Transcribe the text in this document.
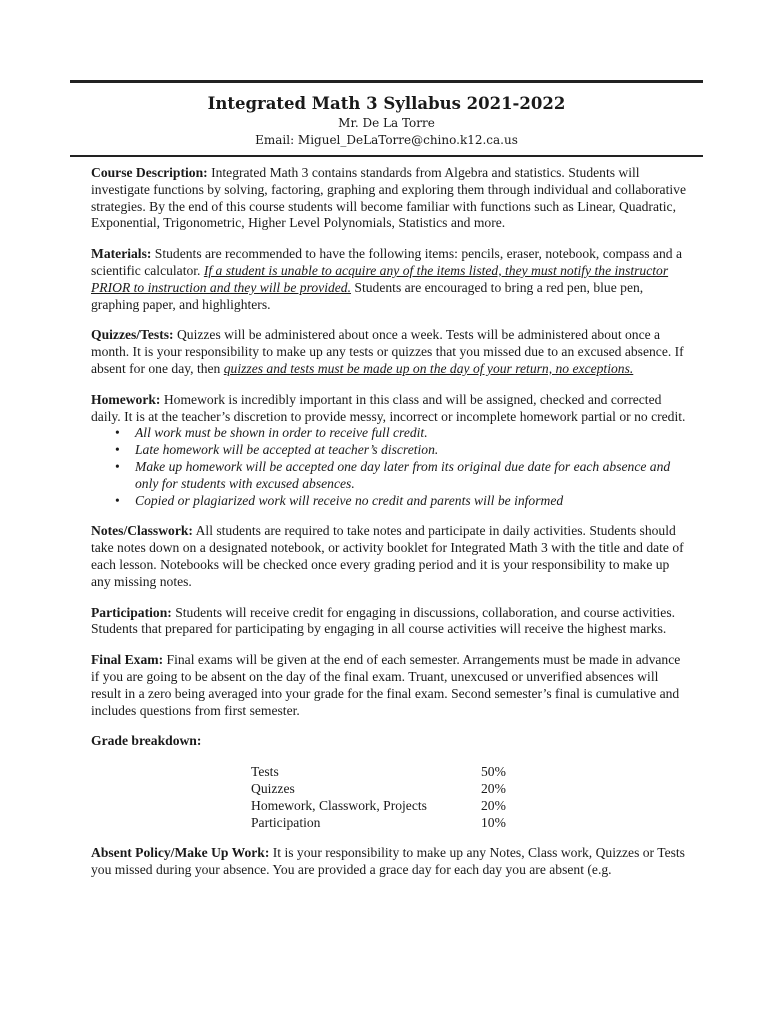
Integrated Math 3 Syllabus 2021-2022
Mr. De La Torre
Email: Miguel_DeLaTorre@chino.k12.ca.us

Course Description: Integrated Math 3 contains standards from Algebra and statistics. Students will investigate functions by solving, factoring, graphing and exploring them through individual and collaborative strategies. By the end of this course students will become familiar with functions such as Linear, Quadratic, Exponential, Trigonometric, Higher Level Polynomials, Statistics and more.

Materials: Students are recommended to have the following items: pencils, eraser, notebook, compass and a scientific calculator. If a student is unable to acquire any of the items listed, they must notify the instructor PRIOR to instruction and they will be provided. Students are encouraged to bring a red pen, blue pen, graphing paper, and highlighters.

Quizzes/Tests: Quizzes will be administered about once a week. Tests will be administered about once a month. It is your responsibility to make up any tests or quizzes that you missed due to an excused absence. If absent for one day, then quizzes and tests must be made up on the day of your return, no exceptions.

Homework: Homework is incredibly important in this class and will be assigned, checked and corrected daily. It is at the teacher’s discretion to provide messy, incorrect or incomplete homework partial or no credit.

• All work must be shown in order to receive full credit.
• Late homework will be accepted at teacher’s discretion.
• Make up homework will be accepted one day later from its original due date for each absence and only for students with excused absences.
• Copied or plagiarized work will receive no credit and parents will be informed

Notes/Classwork: All students are required to take notes and participate in daily activities. Students should take notes down on a designated notebook, or activity booklet for Integrated Math 3 with the title and date of each lesson. Notebooks will be checked once every grading period and it is your responsibility to make up any missing notes.

Participation: Students will receive credit for engaging in discussions, collaboration, and course activities. Students that prepared for participating by engaging in all course activities will receive the highest marks.

Final Exam: Final exams will be given at the end of each semester. Arrangements must be made in advance if you are going to be absent on the day of the final exam. Truant, unexcused or unverified absences will result in a zero being averaged into your grade for the final exam. Second semester’s final is cumulative and includes questions from first semester.

Grade breakdown:

Tests	50%
Quizzes	20%
Homework, Classwork, Projects	20%
Participation	10%

Absent Policy/Make Up Work: It is your responsibility to make up any Notes, Class work, Quizzes or Tests you missed during your absence. You are provided a grace day for each day you are absent (e.g.
